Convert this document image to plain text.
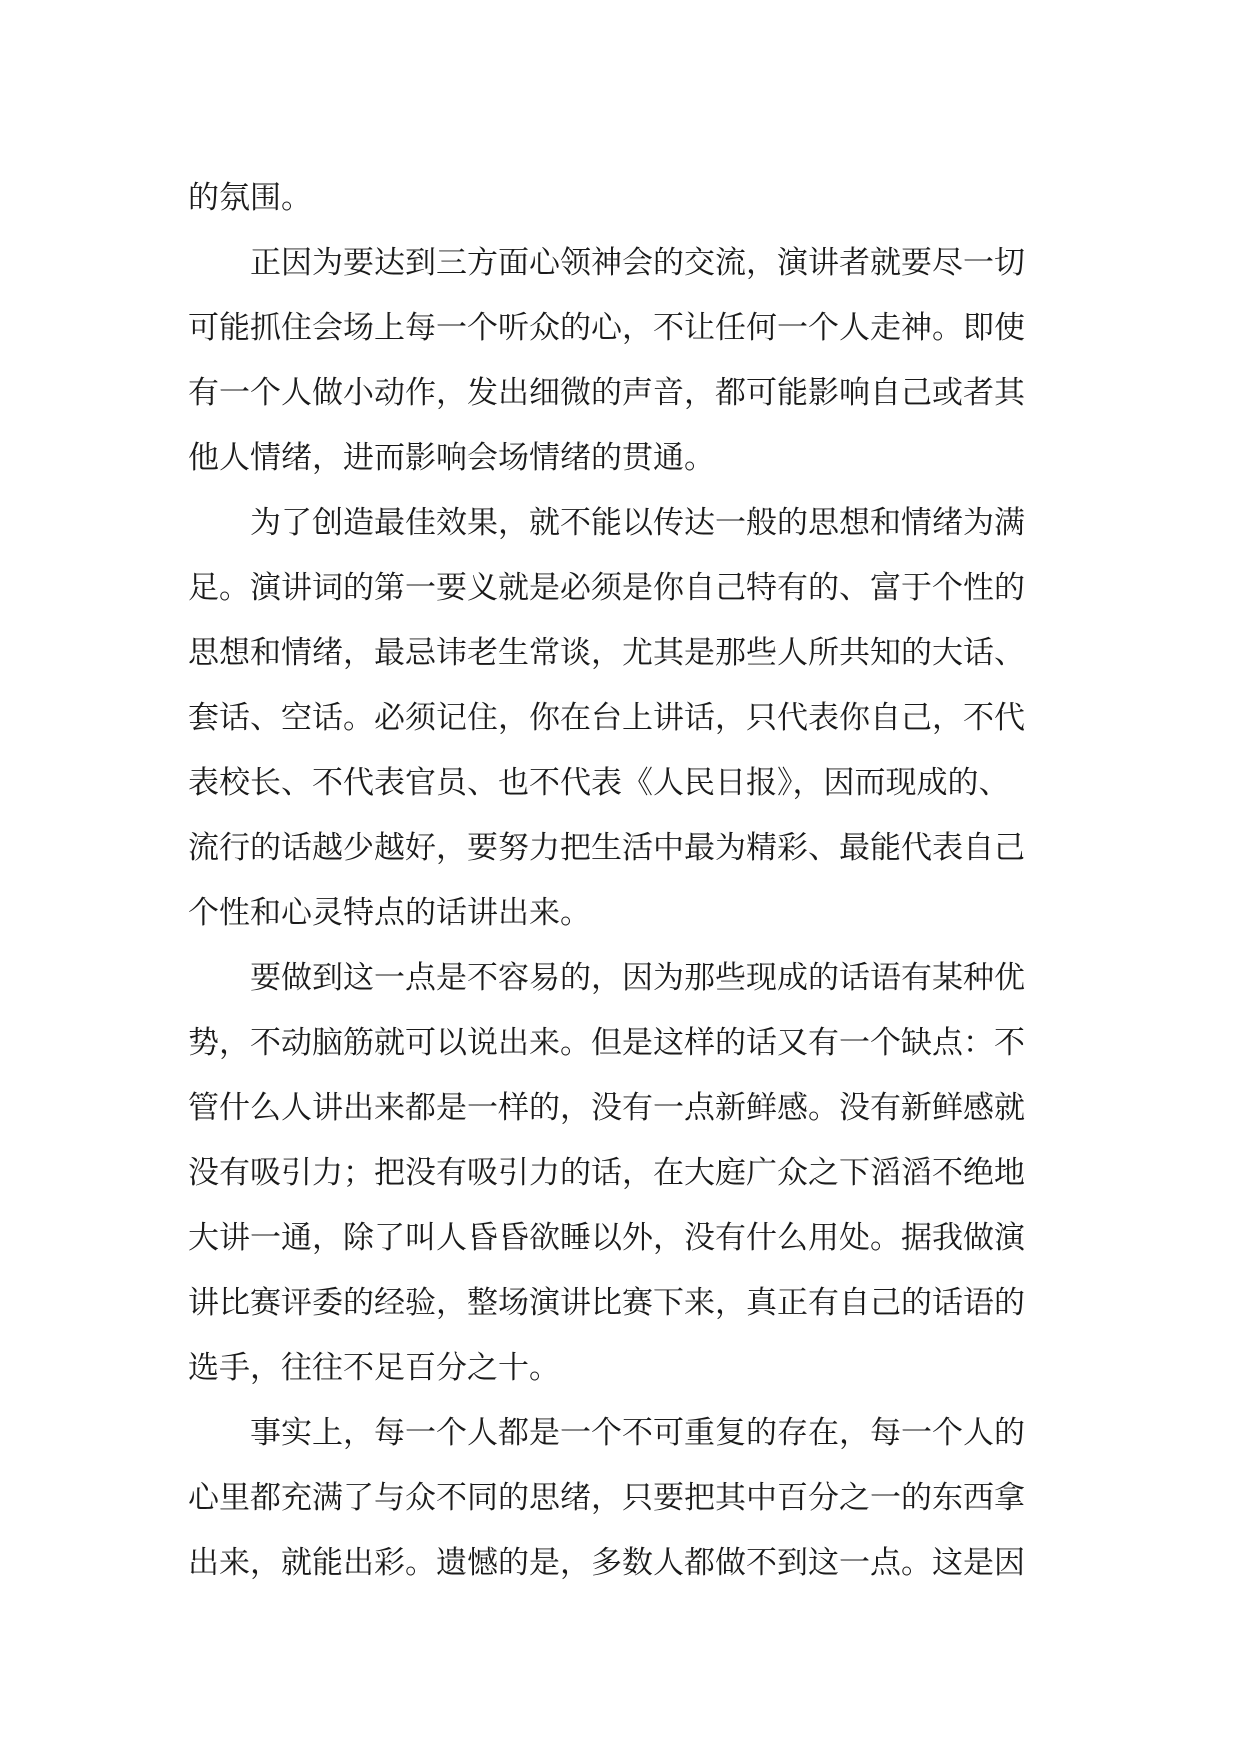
的氛围。
正因为要达到三方面心领神会的交流，演讲者就要尽一切
可能抓住会场上每一个听众的心，不让任何一个人走神。即使
有一个人做小动作，发出细微的声音，都可能影响自己或者其
他人情绪，进而影响会场情绪的贯通。
为了创造最佳效果，就不能以传达一般的思想和情绪为满
足。演讲词的第一要义就是必须是你自己特有的、富于个性的
思想和情绪，最忌讳老生常谈，尤其是那些人所共知的大话、
套话、空话。必须记住，你在台上讲话，只代表你自己，不代
表校长、不代表官员、也不代表《人民日报》，因而现成的、
流行的话越少越好，要努力把生活中最为精彩、最能代表自己
个性和心灵特点的话讲出来。
要做到这一点是不容易的，因为那些现成的话语有某种优
势，不动脑筋就可以说出来。但是这样的话又有一个缺点：不
管什么人讲出来都是一样的，没有一点新鲜感。没有新鲜感就
没有吸引力；把没有吸引力的话，在大庭广众之下滔滔不绝地
大讲一通，除了叫人昏昏欲睡以外，没有什么用处。据我做演
讲比赛评委的经验，整场演讲比赛下来，真正有自己的话语的
选手，往往不足百分之十。
事实上，每一个人都是一个不可重复的存在，每一个人的
心里都充满了与众不同的思绪，只要把其中百分之一的东西拿
出来，就能出彩。遗憾的是，多数人都做不到这一点。这是因
